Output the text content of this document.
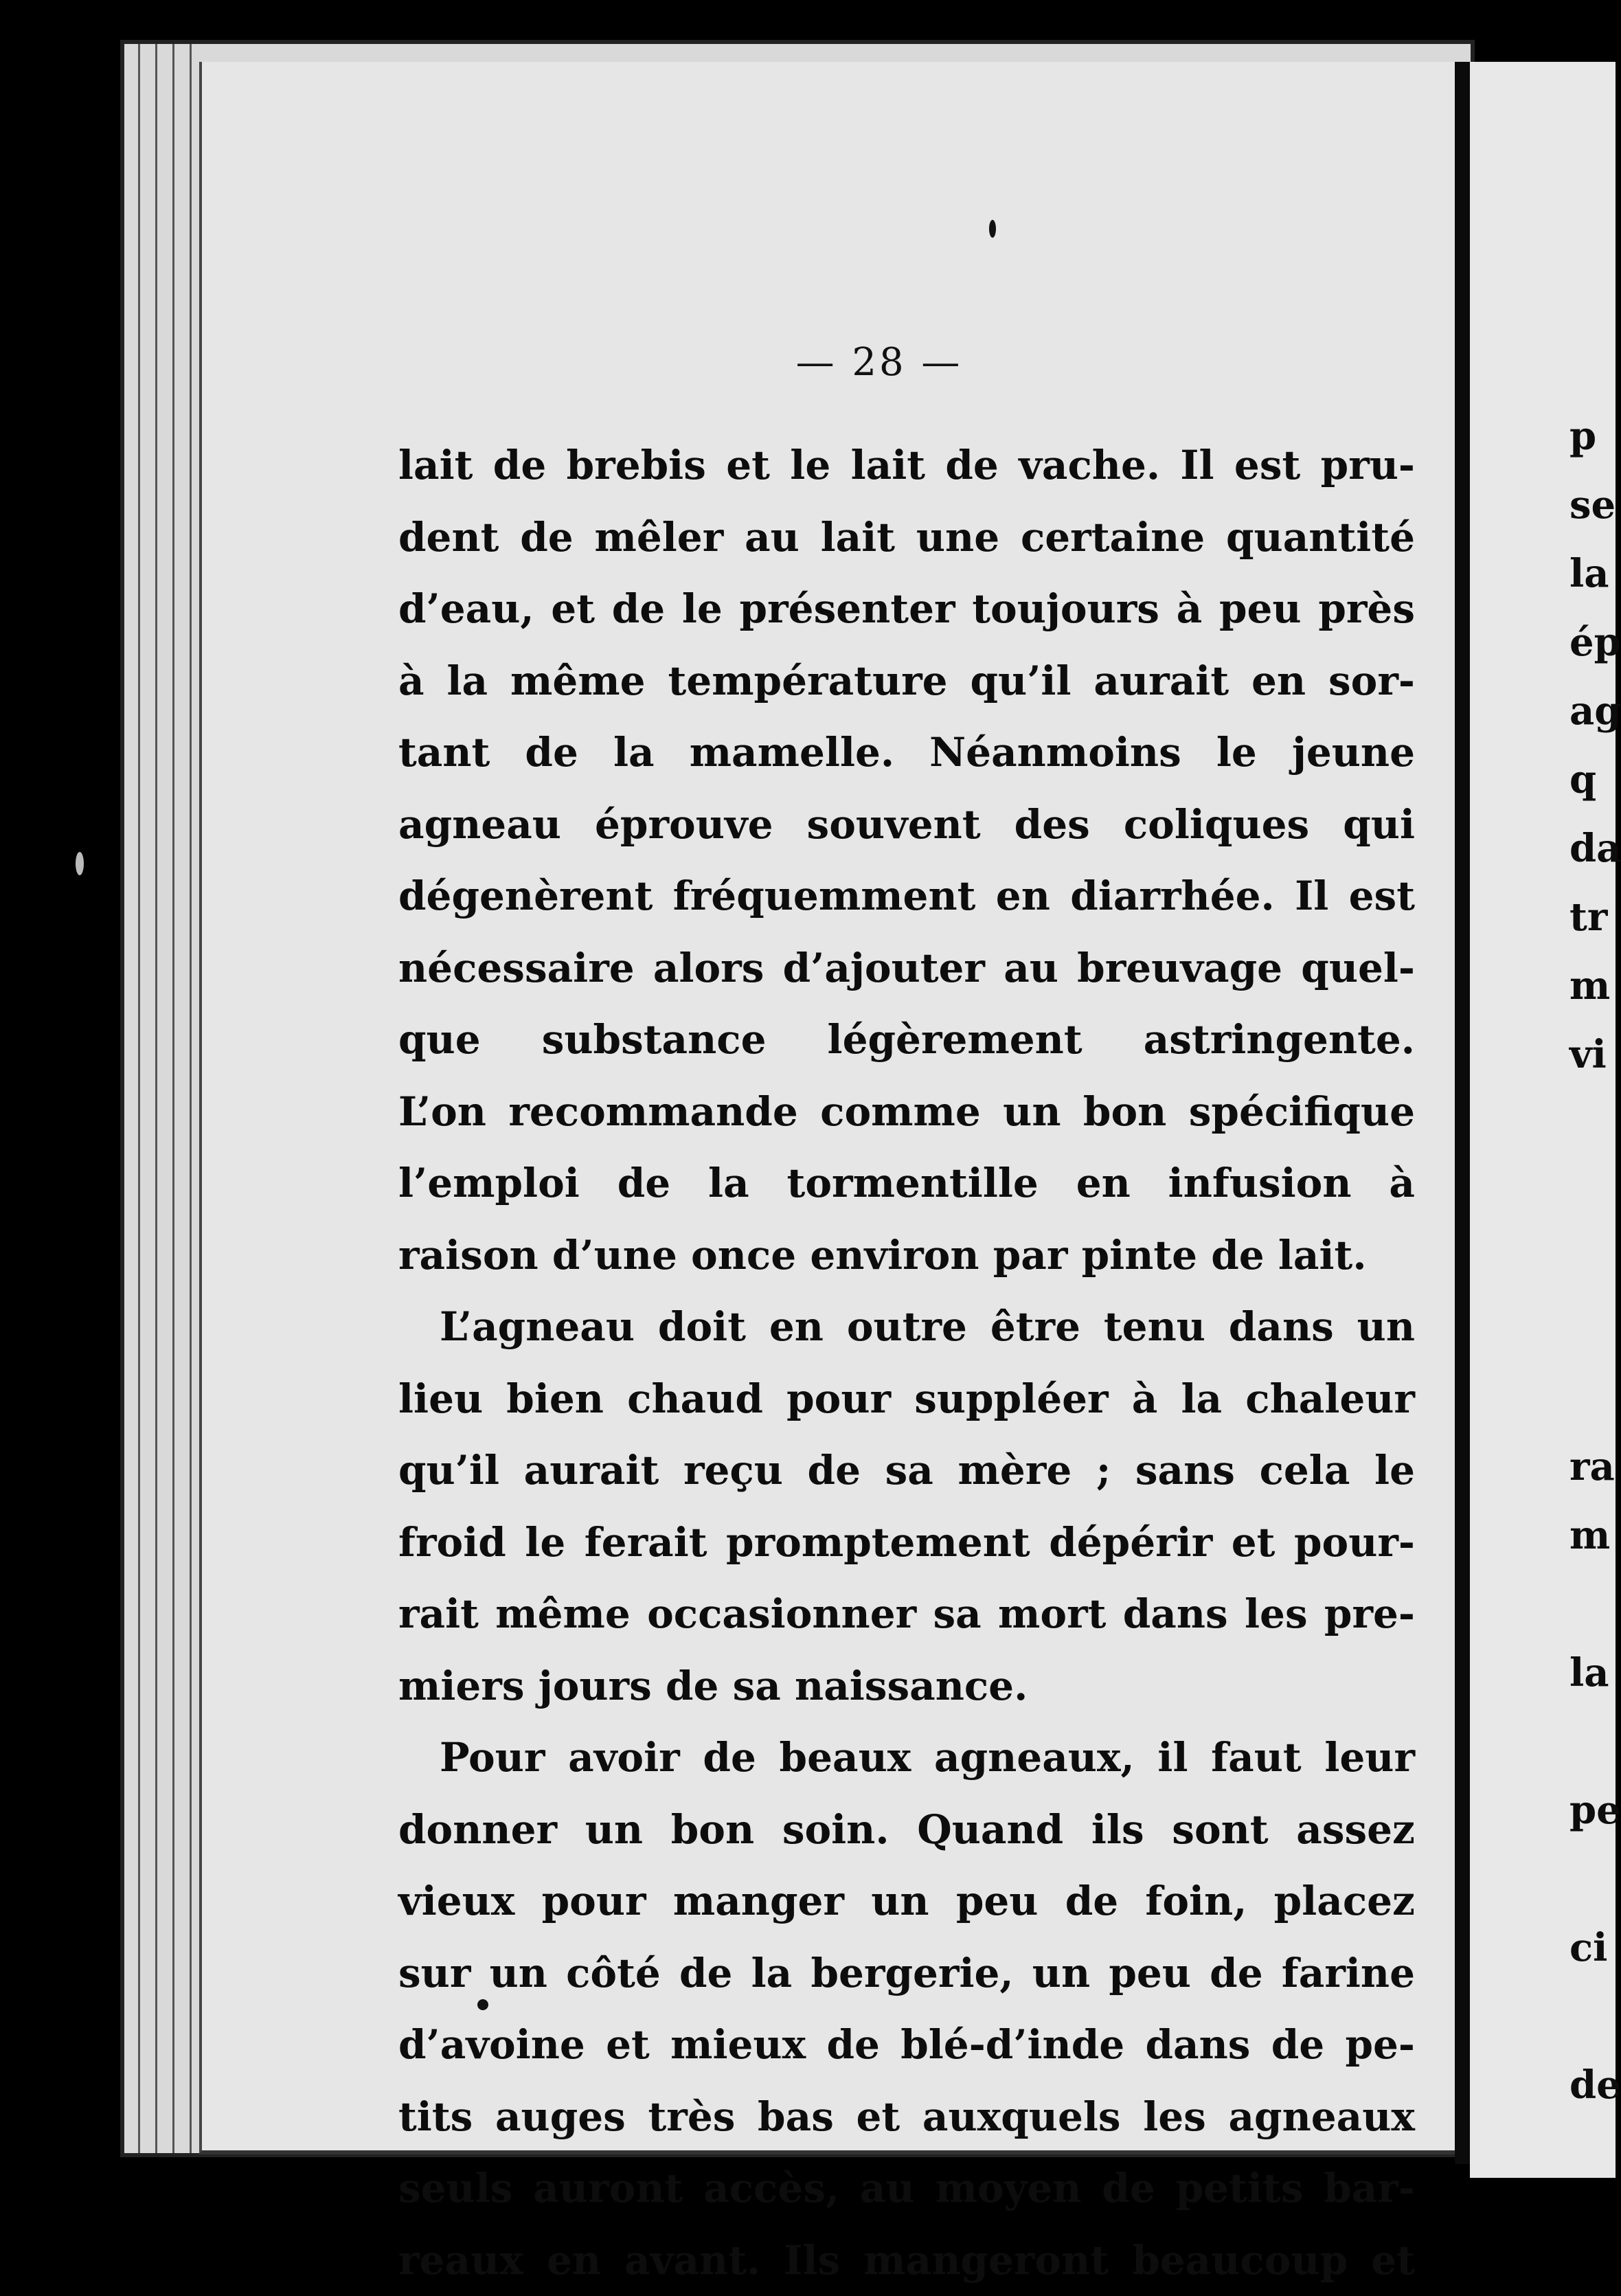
— 28 —
lait de brebis et le lait de vache. Il est pru-
dent de mêler au lait une certaine quantité
d’eau, et de le présenter toujours à peu près
à la même température qu’il aurait en sor-
tant de la mamelle. Néanmoins le jeune
agneau éprouve souvent des coliques qui
dégenèrent fréquemment en diarrhée. Il est
nécessaire alors d’ajouter au breuvage quel-
que substance légèrement astringente.
L’on recommande comme un bon spécifique
l’emploi de la tormentille en infusion à
raison d’une once environ par pinte de lait.
L’agneau doit en outre être tenu dans un
lieu bien chaud pour suppléer à la chaleur
qu’il aurait reçu de sa mère ; sans cela le
froid le ferait promptement dépérir et pour-
rait même occasionner sa mort dans les pre-
miers jours de sa naissance.
Pour avoir de beaux agneaux, il faut leur
donner un bon soin. Quand ils sont assez
vieux pour manger un peu de foin, placez
sur un côté de la bergerie, un peu de farine
d’avoine et mieux de blé-d’inde dans de pe-
tits auges très bas et auxquels les agneaux
seuls auront accès, au moyen de petits bar-
reaux en avant. Ils mangeront beaucoup et
p
se
la
ép
ag
q
da
tr
m
vi
ra
m
la
pe
ci
de
